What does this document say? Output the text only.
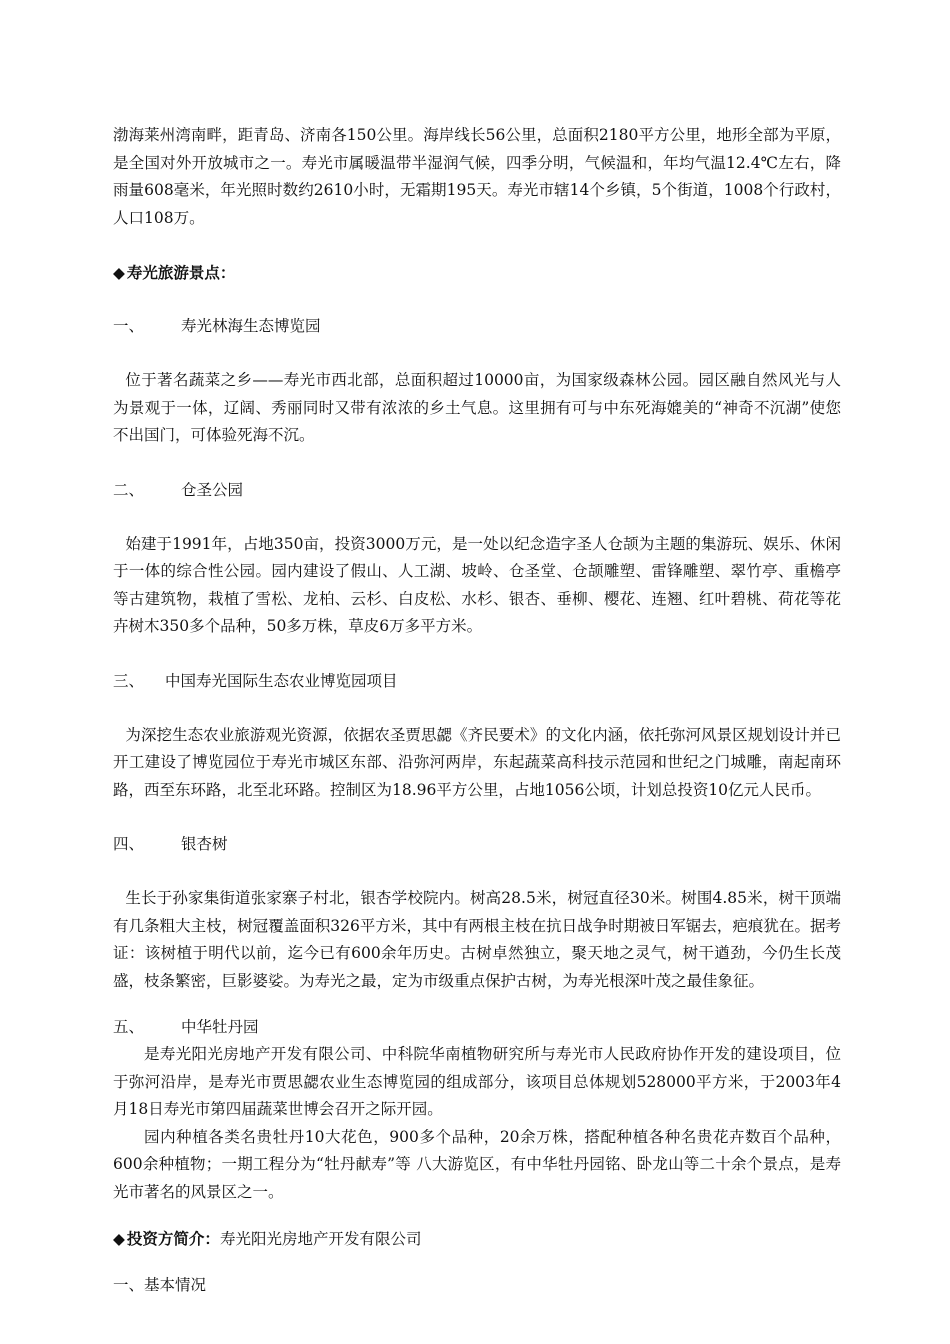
渤海莱州湾南畔，距青岛、济南各150公里。海岸线长56公里，总面积2180平方公里，地形全部为平原，是全国对外开放城市之一。寿光市属暖温带半湿润气候，四季分明，气候温和，年均气温12.4℃左右，降雨量608毫米，年光照时数约2610小时，无霜期195天。寿光市辖14个乡镇，5个街道，1008个行政村，人口108万。

◆ 寿光旅游景点：

一、	寿光林海生态博览园

位于著名蔬菜之乡——寿光市西北部，总面积超过10000亩，为国家级森林公园。园区融自然风光与人为景观于一体，辽阔、秀丽同时又带有浓浓的乡土气息。这里拥有可与中东死海媲美的“神奇不沉湖”使您不出国门，可体验死海不沉。

二、	仓圣公园

始建于1991年，占地350亩，投资3000万元，是一处以纪念造字圣人仓颉为主题的集游玩、娱乐、休闲于一体的综合性公园。园内建设了假山、人工湖、坡岭、仓圣堂、仓颉雕塑、雷锋雕塑、翠竹亭、重檐亭等古建筑物，栽植了雪松、龙柏、云杉、白皮松、水杉、银杏、垂柳、樱花、连翘、红叶碧桃、荷花等花卉树木350多个品种，50多万株，草皮6万多平方米。

三、	中国寿光国际生态农业博览园项目

为深挖生态农业旅游观光资源，依据农圣贾思勰《齐民要术》的文化内涵，依托弥河风景区规划设计并已开工建设了博览园位于寿光市城区东部、沿弥河两岸，东起蔬菜高科技示范园和世纪之门城雕，南起南环路，西至东环路，北至北环路。控制区为18.96平方公里，占地1056公顷，计划总投资10亿元人民币。

四、	银杏树

生长于孙家集街道张家寨子村北，银杏学校院内。树高28.5米，树冠直径30米。树围4.85米，树干顶端有几条粗大主枝，树冠覆盖面积326平方米，其中有两根主枝在抗日战争时期被日军锯去，疤痕犹在。据考证：该树植于明代以前，迄今已有600余年历史。古树卓然独立，聚天地之灵气，树干遒劲，今仍生长茂盛，枝条繁密，巨影婆娑。为寿光之最，定为市级重点保护古树，为寿光根深叶茂之最佳象征。

五、	中华牡丹园

是寿光阳光房地产开发有限公司、中科院华南植物研究所与寿光市人民政府协作开发的建设项目，位于弥河沿岸，是寿光市贾思勰农业生态博览园的组成部分，该项目总体规划528000平方米，于2003年4月18日寿光市第四届蔬菜世博会召开之际开园。

园内种植各类名贵牡丹10大花色，900多个品种，20余万株，搭配种植各种名贵花卉数百个品种，600余种植物；一期工程分为“牡丹献寿”等 八大游览区，有中华牡丹园铭、卧龙山等二十余个景点，是寿光市著名的风景区之一。

◆ 投资方简介：寿光阳光房地产开发有限公司

一、基本情况
